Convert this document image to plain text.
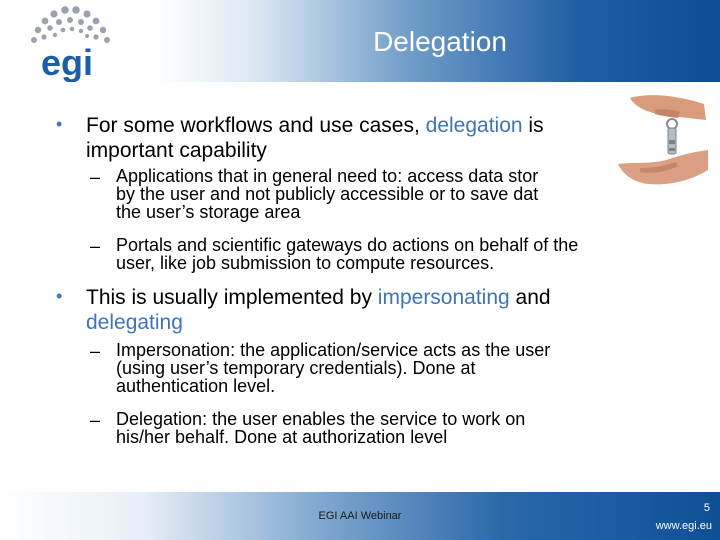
Delegation
egi
• For some workflows and use cases, delegation is
important capability
– Applications that in general need to: access data stor
by the user and not publicly accessible or to save dat
the user’s storage area
– Portals and scientific gateways do actions on behalf of the
user, like job submission to compute resources.
• This is usually implemented by impersonating and
delegating
– Impersonation: the application/service acts as the user
(using user’s temporary credentials). Done at
authentication level.
– Delegation: the user enables the service to work on
his/her behalf. Done at authorization level
EGI AAI Webinar
5
www.egi.eu
